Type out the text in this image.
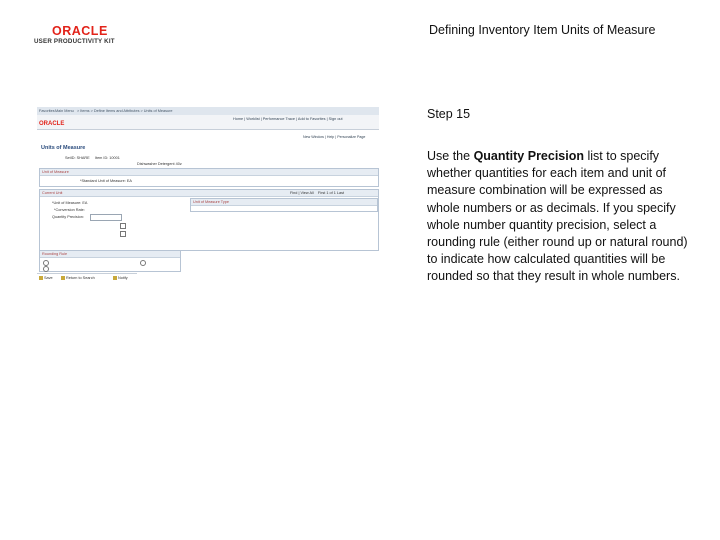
ORACLE
USER PRODUCTIVITY KIT
Defining Inventory Item Units of Measure
Favorites Main Menu > Items > Define Items and Attributes > Units of Measure
ORACLE
Home | Worklist | Performance Trace | Add to Favorites | Sign out
New Window | Help | Personalize Page
Units of Measure
SetID: SHARE     Item ID: 10001
Dishwasher Detergent 40z
Unit of Measure
*Standard Unit of Measure: EA
Current Unit	Find | View All    First 1 of 1 Last
*Unit of Measure: EA
*Conversion Rate:
Quantity Precision:
Unit of Measure Type
Rounding Rule
Save	Return to Search	Notify
Step 15
Use the Quantity Precision list to specify whether quantities for each item and unit of measure combination will be expressed as whole numbers or as decimals. If you specify whole number quantity precision, select a rounding rule (either round up or natural round) to indicate how calculated quantities will be rounded so that they result in whole numbers.
